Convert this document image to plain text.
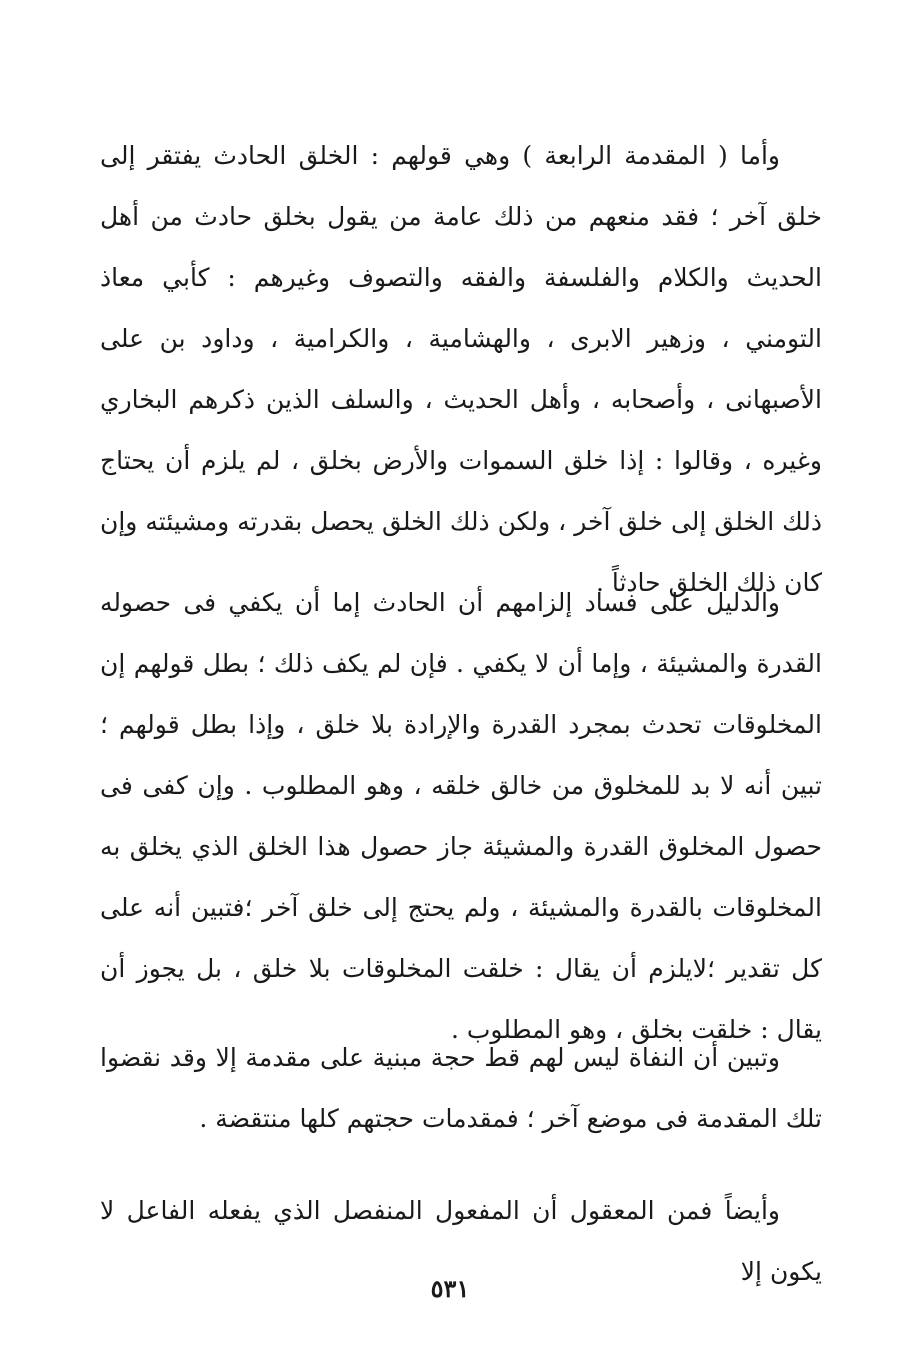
وأما ( المقدمة الرابعة ) وهي قولهم : الخلق الحادث يفتقر إلى خلق آخر ؛ فقد منعهم من ذلك عامة من يقول بخلق حادث من أهل الحديث والكلام والفلسفة والفقه والتصوف وغيرهم : كأبي معاذ التومني ، وزهير الابرى ، والهشامية ، والكرامية ، وداود بن على الأصبهانى ، وأصحابه ، وأهل الحديث ، والسلف الذين ذكرهم البخاري وغيره ، وقالوا : إذا خلق السموات والأرض بخلق ، لم يلزم أن يحتاج ذلك الخلق إلى خلق آخر ، ولكن ذلك الخلق يحصل بقدرته ومشيئته وإن كان ذلك الخلق حادثاً .

والدليل على فساد إلزامهم أن الحادث إما أن يكفي فى حصوله القدرة والمشيئة ، وإما أن لا يكفي . فإن لم يكف ذلك ؛ بطل قولهم إن المخلوقات تحدث بمجرد القدرة والإرادة بلا خلق ، وإذا بطل قولهم ؛ تبين أنه لا بد للمخلوق من خالق خلقه ، وهو المطلوب . وإن كفى فى حصول المخلوق القدرة والمشيئة جاز حصول هذا الخلق الذي يخلق به المخلوقات بالقدرة والمشيئة ، ولم يحتج إلى خلق آخر ؛فتبين أنه على كل تقدير ؛لايلزم أن يقال : خلقت المخلوقات بلا خلق ، بل يجوز أن يقال : خلقت بخلق ، وهو المطلوب .

وتبين أن النفاة ليس لهم قط حجة مبنية على مقدمة إلا وقد نقضوا تلك المقدمة فى موضع آخر ؛ فمقدمات حجتهم كلها منتقضة .

وأيضاً فمن المعقول أن المفعول المنفصل الذي يفعله الفاعل لا يكون إلا

٥٣١
